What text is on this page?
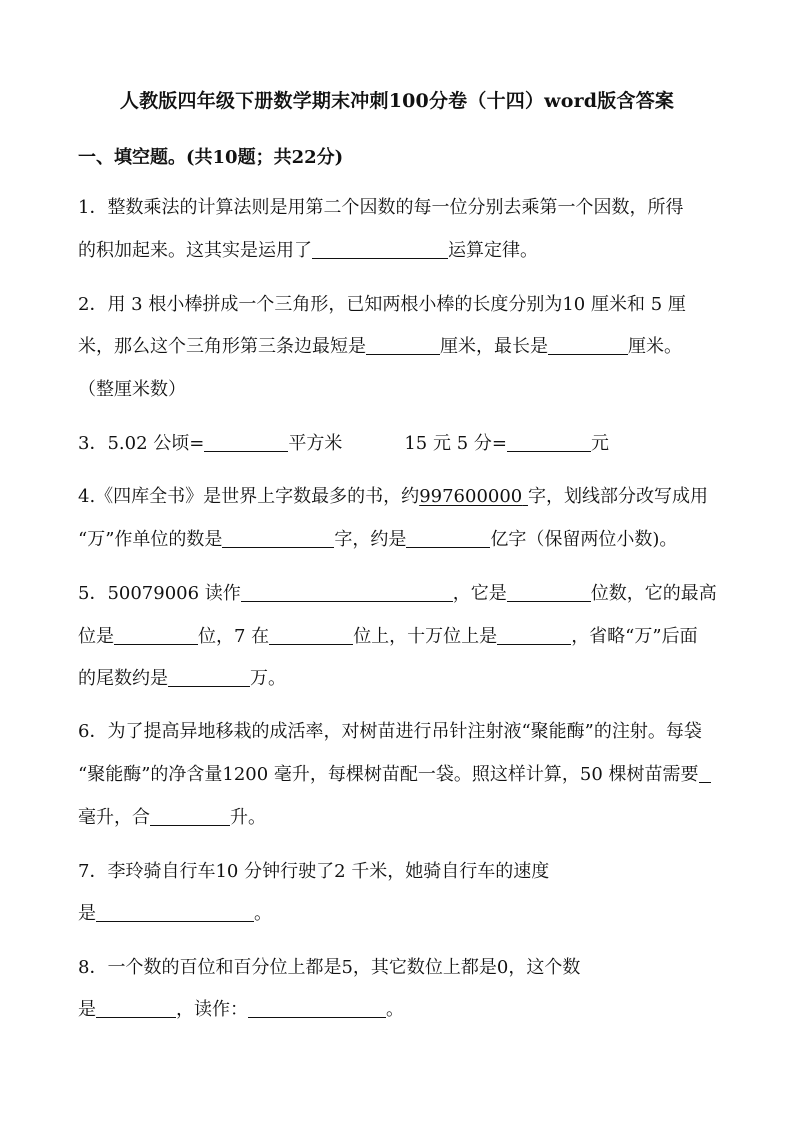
人教版四年级下册数学期末冲刺100分卷（十四）word版含答案
一、填空题。(共10题；共22分)
1．整数乘法的计算法则是用第二个因数的每一位分别去乘第一个因数，所得
的积加起来。这其实是运用了	运算定律。
2．用 3 根小棒拼成一个三角形，已知两根小棒的长度分别为10 厘米和 5 厘
米，那么这个三角形第三条边最短是	厘米，最长是	厘米。
（整厘米数）
3．5.02 公顷=	平方米	15 元 5 分=	元
4.《四库全书》是世界上字数最多的书，约997600000 字，划线部分改写成用
“万”作单位的数是	字，约是	亿字（保留两位小数)。
5．50079006 读作	，它是	位数，它的最高
位是	位，7 在	位上，十万位上是	，省略“万”后面
的尾数约是	万。
6．为了提高异地移栽的成活率，对树苗进行吊针注射液“聚能酶”的注射。每袋
“聚能酶”的净含量1200 毫升，每棵树苗配一袋。照这样计算，50 棵树苗需要
毫升，合	升。
7．李玲骑自行车10 分钟行驶了2 千米，她骑自行车的速度
是	。
8．一个数的百位和百分位上都是5，其它数位上都是0，这个数
是	，读作：	。
